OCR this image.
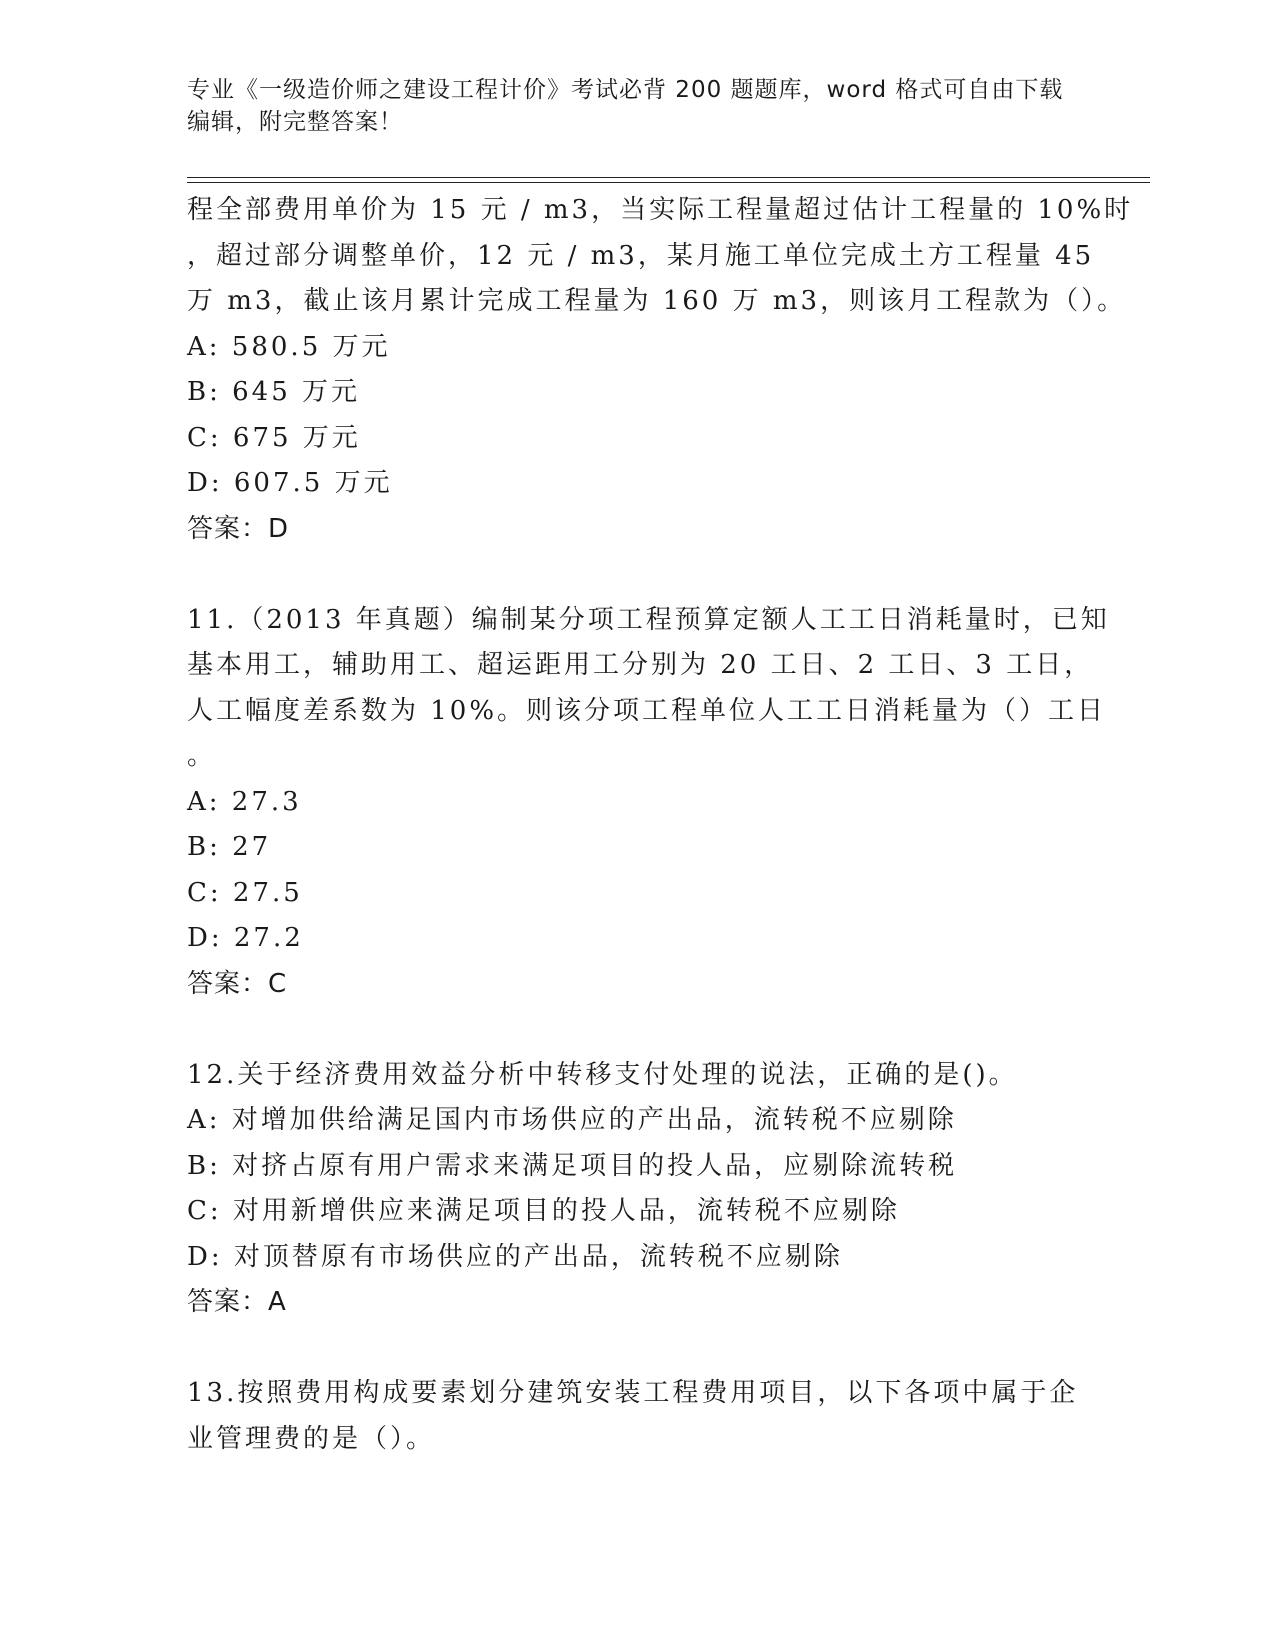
专业《一级造价师之建设工程计价》考试必背 200 题题库，word 格式可自由下载
编辑，附完整答案！
程全部费用单价为 15 元 / m3，当实际工程量超过估计工程量的 10%时
，超过部分调整单价，12 元 / m3，某月施工单位完成土方工程量 45
万 m3，截止该月累计完成工程量为 160 万 m3，则该月工程款为（）。
A: 580.5 万元
B: 645 万元
C: 675 万元
D: 607.5 万元
答案：D
11.（2013 年真题）编制某分项工程预算定额人工工日消耗量时，已知
基本用工，辅助用工、超运距用工分别为 20 工日、2 工日、3 工日，
人工幅度差系数为 10%。则该分项工程单位人工工日消耗量为（）工日
。
A: 27.3
B: 27
C: 27.5
D: 27.2
答案：C
12.关于经济费用效益分析中转移支付处理的说法，正确的是()。
A: 对增加供给满足国内市场供应的产出品，流转税不应剔除
B: 对挤占原有用户需求来满足项目的投人品，应剔除流转税
C: 对用新增供应来满足项目的投人品，流转税不应剔除
D: 对顶替原有市场供应的产出品，流转税不应剔除
答案：A
13.按照费用构成要素划分建筑安装工程费用项目，以下各项中属于企
业管理费的是（）。
